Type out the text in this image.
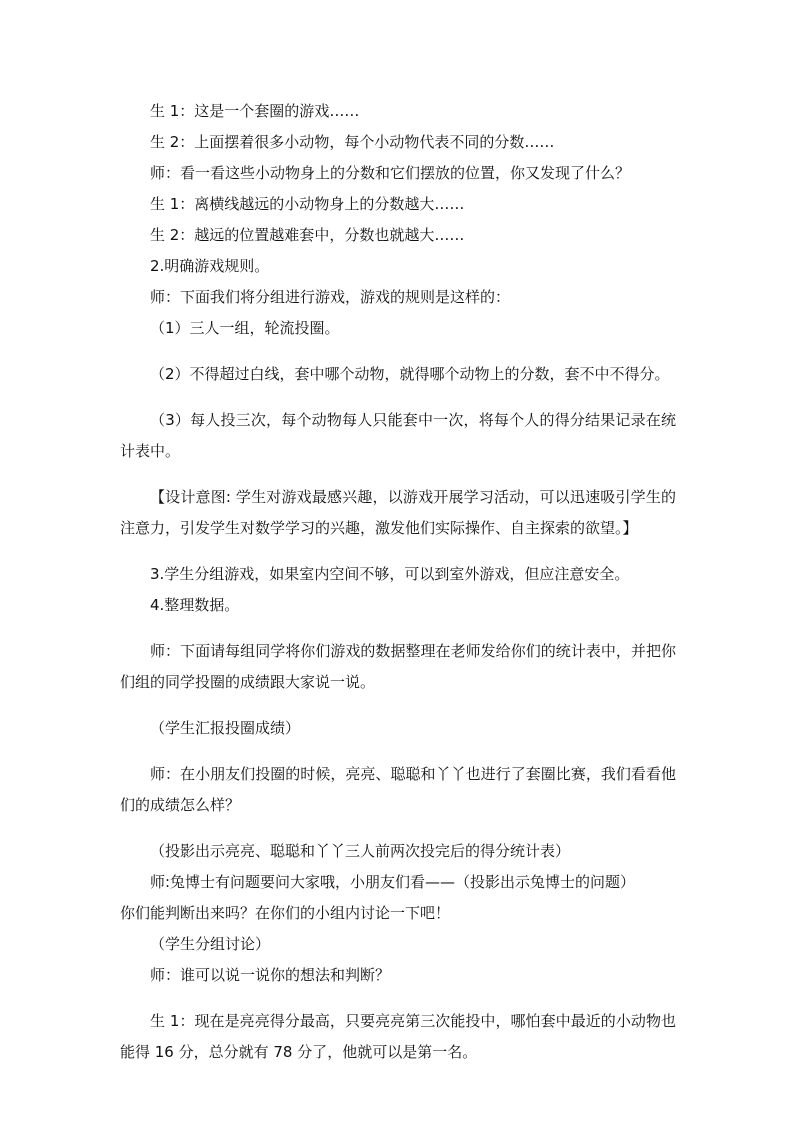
生 1：这是一个套圈的游戏……

生 2：上面摆着很多小动物，每个小动物代表不同的分数……

师：看一看这些小动物身上的分数和它们摆放的位置，你又发现了什么？

生 1：离横线越远的小动物身上的分数越大……

生 2：越远的位置越难套中，分数也就越大……

2.明确游戏规则。

师：下面我们将分组进行游戏，游戏的规则是这样的：

（1）三人一组，轮流投圈。

（2）不得超过白线，套中哪个动物，就得哪个动物上的分数，套不中不得分。

（3）每人投三次，每个动物每人只能套中一次，将每个人的得分结果记录在统计表中。

【设计意图: 学生对游戏最感兴趣，以游戏开展学习活动，可以迅速吸引学生的注意力，引发学生对数学学习的兴趣，激发他们实际操作、自主探索的欲望。】

3.学生分组游戏，如果室内空间不够，可以到室外游戏，但应注意安全。

4.整理数据。

师：下面请每组同学将你们游戏的数据整理在老师发给你们的统计表中，并把你们组的同学投圈的成绩跟大家说一说。

（学生汇报投圈成绩）

师：在小朋友们投圈的时候，亮亮、聪聪和丫丫也进行了套圈比赛，我们看看他们的成绩怎么样？

（投影出示亮亮、聪聪和丫丫三人前两次投完后的得分统计表）

师:兔博士有问题要问大家哦，小朋友们看——（投影出示兔博士的问题）

你们能判断出来吗？在你们的小组内讨论一下吧！

（学生分组讨论）

师：谁可以说一说你的想法和判断？

生 1：现在是亮亮得分最高，只要亮亮第三次能投中，哪怕套中最近的小动物也能得 16 分，总分就有 78 分了，他就可以是第一名。
